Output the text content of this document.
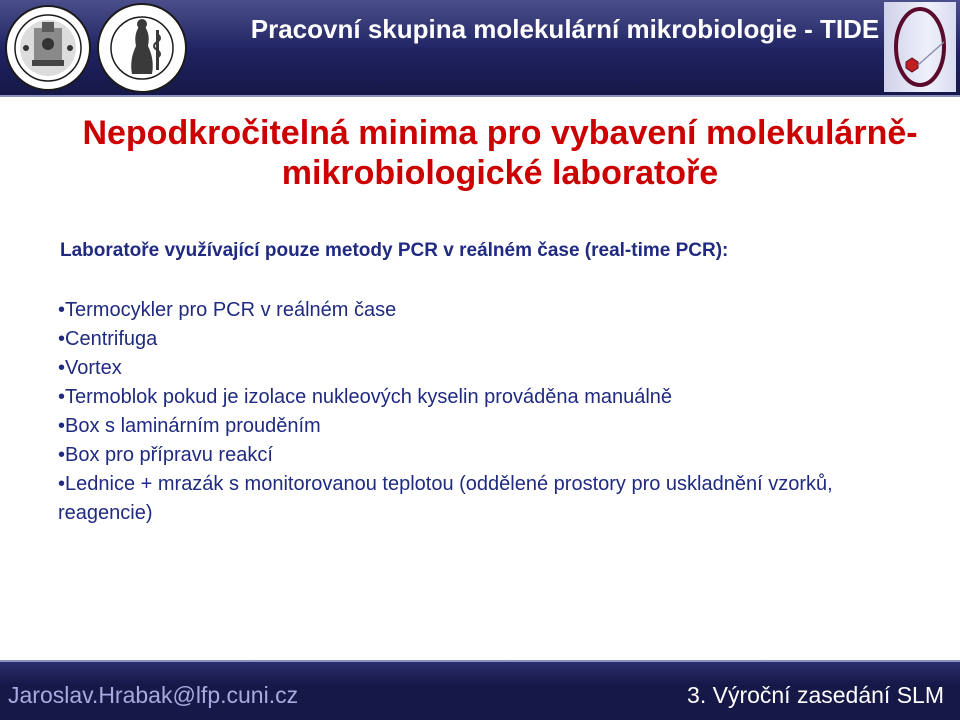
Pracovní skupina molekulární mikrobiologie - TIDE
Nepodkročitelná minima pro vybavení molekulárně-mikrobiologické laboratoře

Laboratoře využívající pouze metody PCR v reálném čase (real-time PCR):

• Termocykler pro PCR v reálném čase
• Centrifuga
• Vortex
• Termoblok pokud je izolace nukleových kyselin prováděna manuálně
• Box s laminárním prouděním
• Box pro přípravu reakcí
• Lednice + mrazák s monitorovanou teplotou (oddělené prostory pro uskladnění vzorků, reagencie)
Jaroslav.Hrabak@lfp.cuni.cz	3. Výroční zasedání SLM
